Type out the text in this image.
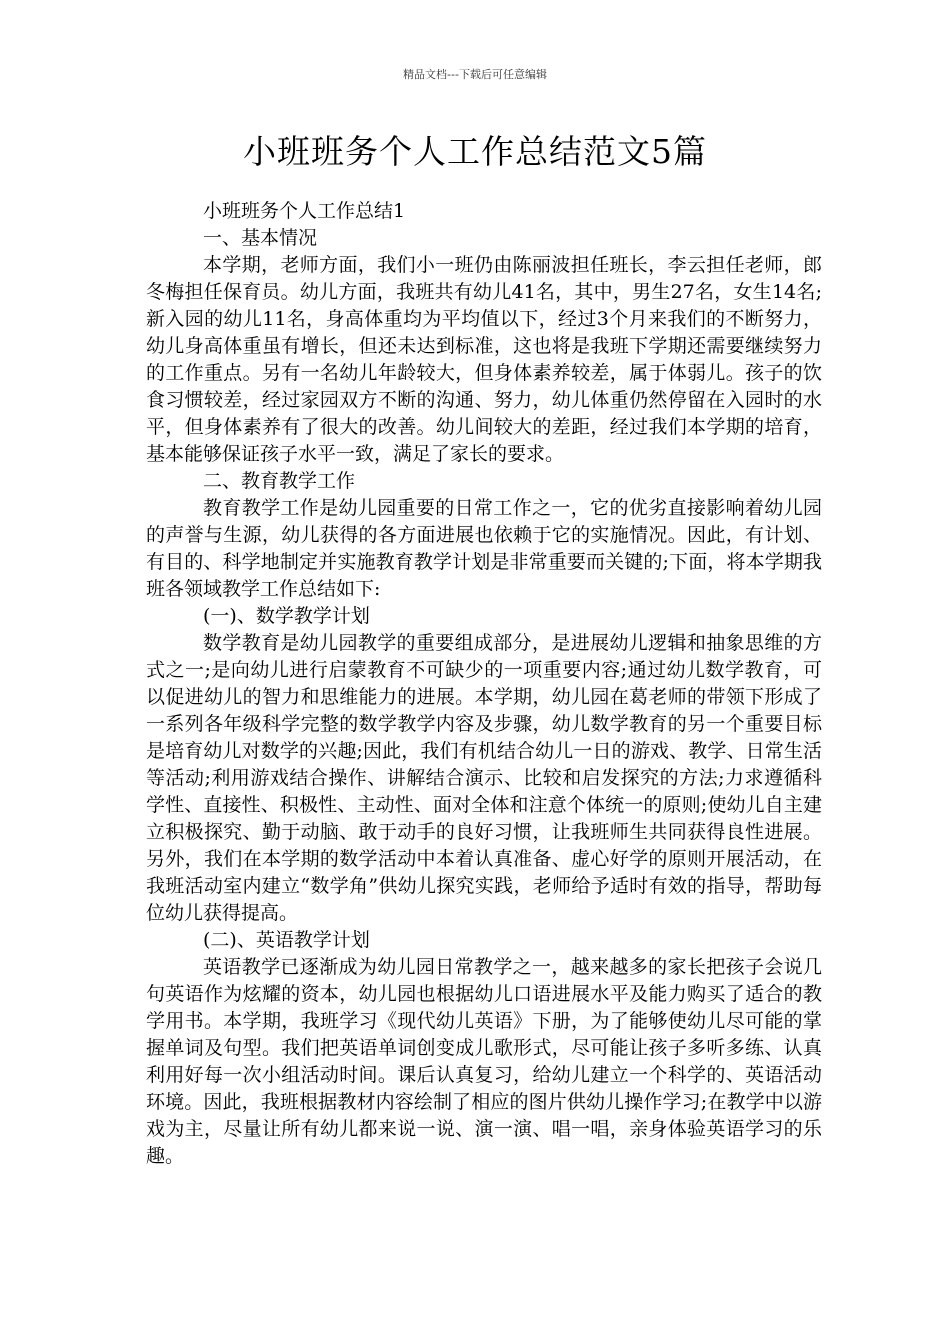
精品文档---下载后可任意编辑
小班班务个人工作总结范文5篇

小班班务个人工作总结1

一、基本情况

本学期，老师方面，我们小一班仍由陈丽波担任班长，李云担任老师，郎冬梅担任保育员。幼儿方面，我班共有幼儿41名，其中，男生27名，女生14名;新入园的幼儿11名，身高体重均为平均值以下，经过3个月来我们的不断努力，幼儿身高体重虽有增长，但还未达到标准，这也将是我班下学期还需要继续努力的工作重点。另有一名幼儿年龄较大，但身体素养较差，属于体弱儿。孩子的饮食习惯较差，经过家园双方不断的沟通、努力，幼儿体重仍然停留在入园时的水平，但身体素养有了很大的改善。幼儿间较大的差距，经过我们本学期的培育，基本能够保证孩子水平一致，满足了家长的要求。

二、教育教学工作

教育教学工作是幼儿园重要的日常工作之一，它的优劣直接影响着幼儿园的声誉与生源，幼儿获得的各方面进展也依赖于它的实施情况。因此，有计划、有目的、科学地制定并实施教育教学计划是非常重要而关键的;下面，将本学期我班各领域教学工作总结如下:

(一)、数学教学计划

数学教育是幼儿园教学的重要组成部分，是进展幼儿逻辑和抽象思维的方式之一;是向幼儿进行启蒙教育不可缺少的一项重要内容;通过幼儿数学教育，可以促进幼儿的智力和思维能力的进展。本学期，幼儿园在葛老师的带领下形成了一系列各年级科学完整的数学教学内容及步骤，幼儿数学教育的另一个重要目标是培育幼儿对数学的兴趣;因此，我们有机结合幼儿一日的游戏、教学、日常生活等活动;利用游戏结合操作、讲解结合演示、比较和启发探究的方法;力求遵循科学性、直接性、积极性、主动性、面对全体和注意个体统一的原则;使幼儿自主建立积极探究、勤于动脑、敢于动手的良好习惯，让我班师生共同获得良性进展。另外，我们在本学期的数学活动中本着认真准备、虚心好学的原则开展活动，在我班活动室内建立“数学角”供幼儿探究实践，老师给予适时有效的指导，帮助每位幼儿获得提高。

(二)、英语教学计划

英语教学已逐渐成为幼儿园日常教学之一，越来越多的家长把孩子会说几句英语作为炫耀的资本，幼儿园也根据幼儿口语进展水平及能力购买了适合的教学用书。本学期，我班学习《现代幼儿英语》下册，为了能够使幼儿尽可能的掌握单词及句型。我们把英语单词创变成儿歌形式，尽可能让孩子多听多练、认真利用好每一次小组活动时间。课后认真复习，给幼儿建立一个科学的、英语活动环境。因此，我班根据教材内容绘制了相应的图片供幼儿操作学习;在教学中以游戏为主，尽量让所有幼儿都来说一说、演一演、唱一唱，亲身体验英语学习的乐趣。
